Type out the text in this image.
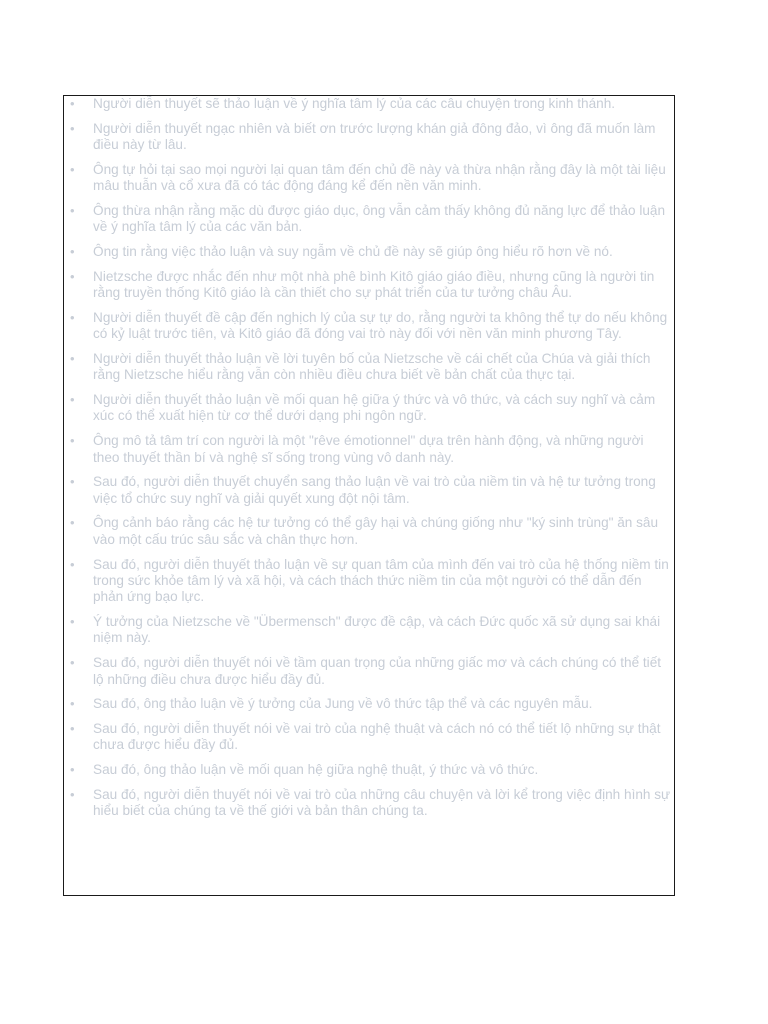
• Người diễn thuyết sẽ thảo luận về ý nghĩa tâm lý của các câu chuyện trong kinh thánh.
• Người diễn thuyết ngạc nhiên và biết ơn trước lượng khán giả đông đảo, vì ông đã muốn làm điều này từ lâu.
• Ông tự hỏi tại sao mọi người lại quan tâm đến chủ đề này và thừa nhận rằng đây là một tài liệu mâu thuẫn và cổ xưa đã có tác động đáng kể đến nền văn minh.
• Ông thừa nhận rằng mặc dù được giáo dục, ông vẫn cảm thấy không đủ năng lực để thảo luận về ý nghĩa tâm lý của các văn bản.
• Ông tin rằng việc thảo luận và suy ngẫm về chủ đề này sẽ giúp ông hiểu rõ hơn về nó.
• Nietzsche được nhắc đến như một nhà phê bình Kitô giáo giáo điều, nhưng cũng là người tin rằng truyền thống Kitô giáo là cần thiết cho sự phát triển của tư tưởng châu Âu.
• Người diễn thuyết đề cập đến nghịch lý của sự tự do, rằng người ta không thể tự do nếu không có kỷ luật trước tiên, và Kitô giáo đã đóng vai trò này đối với nền văn minh phương Tây.
• Người diễn thuyết thảo luận về lời tuyên bố của Nietzsche về cái chết của Chúa và giải thích rằng Nietzsche hiểu rằng vẫn còn nhiều điều chưa biết về bản chất của thực tại.
• Người diễn thuyết thảo luận về mối quan hệ giữa ý thức và vô thức, và cách suy nghĩ và cảm xúc có thể xuất hiện từ cơ thể dưới dạng phi ngôn ngữ.
• Ông mô tả tâm trí con người là một "rêve émotionnel" dựa trên hành động, và những người theo thuyết thần bí và nghệ sĩ sống trong vùng vô danh này.
• Sau đó, người diễn thuyết chuyển sang thảo luận về vai trò của niềm tin và hệ tư tưởng trong việc tổ chức suy nghĩ và giải quyết xung đột nội tâm.
• Ông cảnh báo rằng các hệ tư tưởng có thể gây hại và chúng giống như "ký sinh trùng" ăn sâu vào một cấu trúc sâu sắc và chân thực hơn.
• Sau đó, người diễn thuyết thảo luận về sự quan tâm của mình đến vai trò của hệ thống niềm tin trong sức khỏe tâm lý và xã hội, và cách thách thức niềm tin của một người có thể dẫn đến phản ứng bạo lực.
• Ý tưởng của Nietzsche về "Übermensch" được đề cập, và cách Đức quốc xã sử dụng sai khái niệm này.
• Sau đó, người diễn thuyết nói về tầm quan trọng của những giấc mơ và cách chúng có thể tiết lộ những điều chưa được hiểu đầy đủ.
• Sau đó, ông thảo luận về ý tưởng của Jung về vô thức tập thể và các nguyên mẫu.
• Sau đó, người diễn thuyết nói về vai trò của nghệ thuật và cách nó có thể tiết lộ những sự thật chưa được hiểu đầy đủ.
• Sau đó, ông thảo luận về mối quan hệ giữa nghệ thuật, ý thức và vô thức.
• Sau đó, người diễn thuyết nói về vai trò của những câu chuyện và lời kể trong việc định hình sự hiểu biết của chúng ta về thế giới và bản thân chúng ta.
